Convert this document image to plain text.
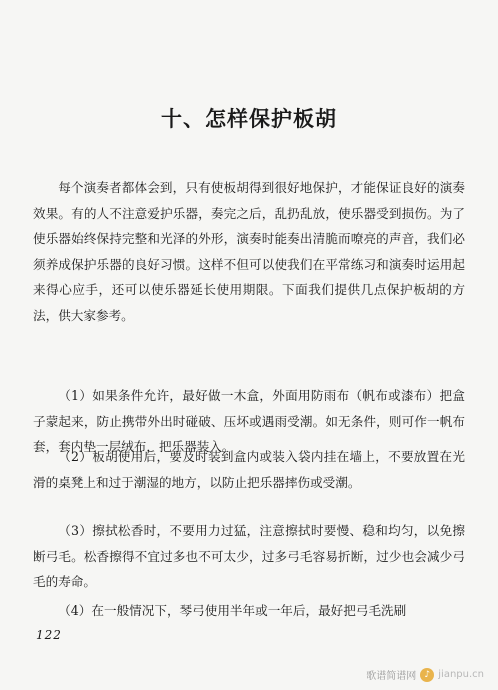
十、怎样保护板胡
每个演奏者都体会到，只有使板胡得到很好地保护，才能保证良好的演奏效果。有的人不注意爱护乐器，奏完之后，乱扔乱放，使乐器受到损伤。为了使乐器始终保持完整和光泽的外形，演奏时能奏出清脆而嘹亮的声音，我们必须养成保护乐器的良好习惯。这样不但可以使我们在平常练习和演奏时运用起来得心应手，还可以使乐器延长使用期限。下面我们提供几点保护板胡的方法，供大家参考。
（1）如果条件允许，最好做一木盒，外面用防雨布（帆布或漆布）把盒子蒙起来，防止携带外出时碰破、压坏或遇雨受潮。如无条件，则可作一帆布套，套内垫一层绒布，把乐器装入。
（2）板胡使用后，要及时装到盒内或装入袋内挂在墙上，不要放置在光滑的桌凳上和过于潮湿的地方，以防止把乐器摔伤或受潮。
（3）擦拭松香时，不要用力过猛，注意擦拭时要慢、稳和均匀，以免擦断弓毛。松香擦得不宜过多也不可太少，过多弓毛容易折断，过少也会减少弓毛的寿命。
（4）在一般情况下，琴弓使用半年或一年后，最好把弓毛洗刷
122
歌谱简谱网 ♪ jianpu.cn
